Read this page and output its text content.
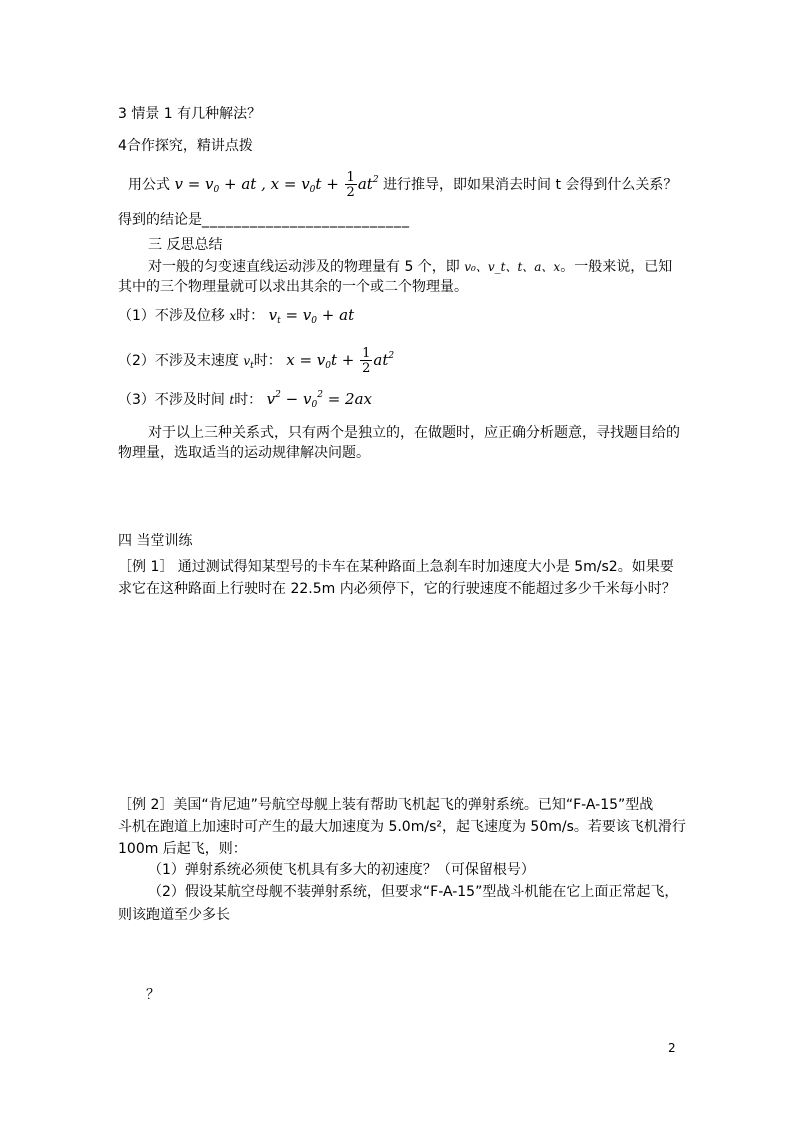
3 情景 1 有几种解法？
4合作探究，精讲点拨
用公式 $v = v_0$ + at , $x = v_0t + \frac{1}{2} at^2$ 进行推导，即如果消去时间 t 会得到什么关系？
得到的结论是__________________________
三 反思总结
对一般的匀变速直线运动涉及的物理量有 5 个，即 v₀、v_t、t、a、x。一般来说，已知
其中的三个物理量就可以求出其余的一个或二个物理量。
（1）不涉及位移 x时： $v_t = v_0$ + at
（2）不涉及末速度 $v_t$时： $x = v_0t + \frac{1}{2} at^2$
（3）不涉及时间 t时： $v^2 - v_0^2 = 2ax$
对于以上三种关系式，只有两个是独立的，在做题时，应正确分析题意，寻找题目给的
物理量，选取适当的运动规律解决问题。
四 当堂训练
［例 1］ 通过测试得知某型号的卡车在某种路面上急刹车时加速度大小是 5m/s2。如果要
求它在这种路面上行驶时在 22.5m 内必须停下，它的行驶速度不能超过多少千米每小时？
［例 2］美国“肯尼迪”号航空母舰上装有帮助飞机起飞的弹射系统。已知“F-A-15”型战
斗机在跑道上加速时可产生的最大加速度为 5.0m/s²，起飞速度为 50m/s。若要该飞机滑行
100m 后起飞，则：
（1）弹射系统必须使飞机具有多大的初速度？（可保留根号）
（2）假设某航空母舰不装弹射系统，但要求“F-A-15”型战斗机能在它上面正常起飞，
则该跑道至少多长
？
2
